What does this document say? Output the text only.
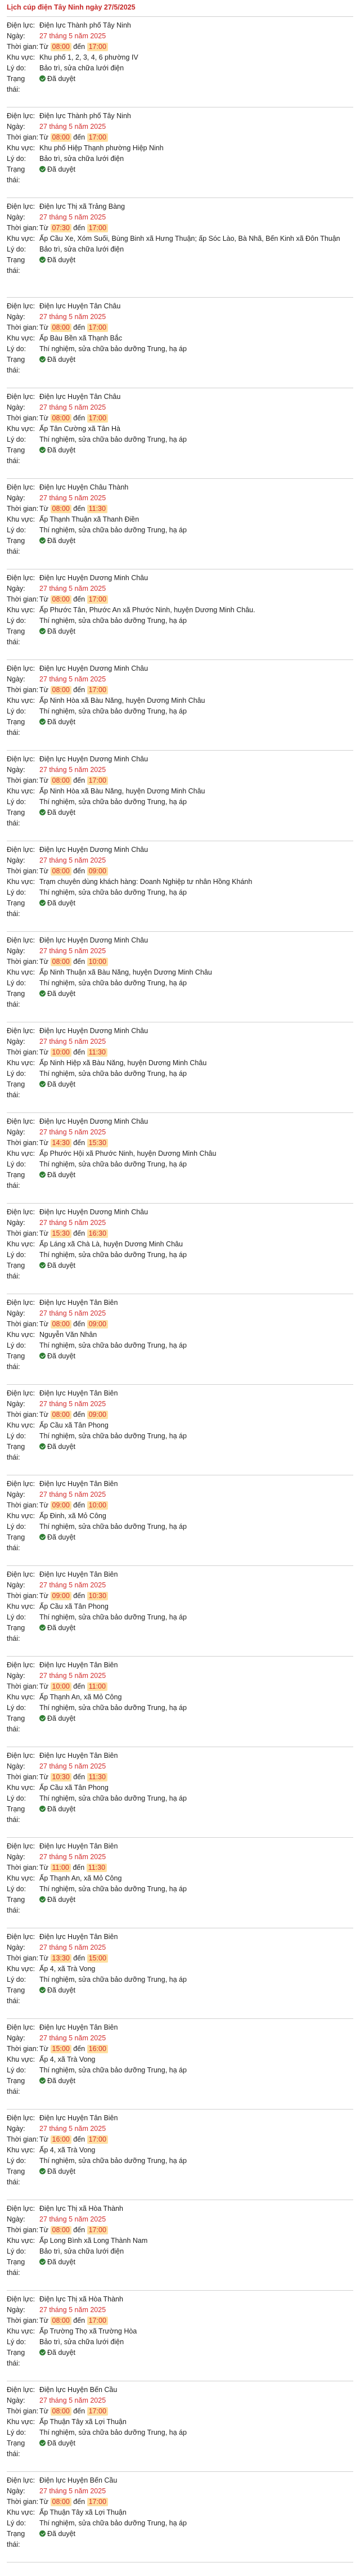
Lịch cúp điện Tây Ninh ngày 27/5/2025
Điện lực: Điện lực Thành phố Tây Ninh
Ngày:	27 tháng 5 năm 2025
Thời gian: Từ 08:00 đến 17:00
Khu vực: Khu phố 1, 2, 3, 4, 6 phường IV
Lý do:	Bảo trì, sửa chữa lưới điện
Trạng thái:
Đã duyệt
Điện lực: Điện lực Thành phố Tây Ninh
Ngày:	27 tháng 5 năm 2025
Thời gian: Từ 08:00 đến 17:00
Khu vực: Khu phố Hiệp Thạnh phường Hiệp Ninh
Lý do:	Bảo trì, sửa chữa lưới điện
Trạng thái:
Đã duyệt
Điện lực: Điện lực Thị xã Trảng Bàng
Ngày:	27 tháng 5 năm 2025
Thời gian: Từ 07:30 đến 17:00
Khu vực: Ấp Cầu Xe, Xóm Suối, Bùng Binh xã Hưng Thuận; ấp Sóc Lào, Bà Nhã, Bến Kinh xã Đôn Thuận
Lý do:	Bảo trì, sửa chữa lưới điện
Trạng thái:
Đã duyệt
Điện lực: Điện lực Huyện Tân Châu
Ngày:	27 tháng 5 năm 2025
Thời gian: Từ 08:00 đến 17:00
Khu vực: Ấp Bàu Bền xã Thạnh Bắc
Lý do:	Thí nghiệm, sửa chữa bảo dưỡng Trung, hạ áp
Trạng thái:
Đã duyệt
Điện lực: Điện lực Huyện Tân Châu
Ngày:	27 tháng 5 năm 2025
Thời gian: Từ 08:00 đến 17:00
Khu vực: Ấp Tân Cường xã Tân Hà
Lý do:	Thí nghiệm, sửa chữa bảo dưỡng Trung, hạ áp
Trạng thái:
Đã duyệt
Điện lực: Điện lực Huyện Châu Thành
Ngày:	27 tháng 5 năm 2025
Thời gian: Từ 08:00 đến 11:30
Khu vực: Ấp Thạnh Thuận xã Thanh Điền
Lý do:	Thí nghiệm, sửa chữa bảo dưỡng Trung, hạ áp
Trạng thái:
Đã duyệt
Điện lực: Điện lực Huyện Dương Minh Châu
Ngày:	27 tháng 5 năm 2025
Thời gian: Từ 08:00 đến 17:00
Khu vực: Ấp Phước Tân, Phước An xã Phước Ninh, huyện Dương Minh Châu.
Lý do:	Thí nghiệm, sửa chữa bảo dưỡng Trung, hạ áp
Trạng thái:
Đã duyệt
Điện lực: Điện lực Huyện Dương Minh Châu
Ngày:	27 tháng 5 năm 2025
Thời gian: Từ 08:00 đến 17:00
Khu vực: Ấp Ninh Hòa xã Bàu Năng, huyện Dương Minh Châu
Lý do:	Thí nghiệm, sửa chữa bảo dưỡng Trung, hạ áp
Trạng thái:
Đã duyệt
Điện lực: Điện lực Huyện Dương Minh Châu
Ngày:	27 tháng 5 năm 2025
Thời gian: Từ 08:00 đến 17:00
Khu vực: Ấp Ninh Hòa xã Bàu Năng, huyện Dương Minh Châu
Lý do:	Thí nghiệm, sửa chữa bảo dưỡng Trung, hạ áp
Trạng thái:
Đã duyệt
Điện lực: Điện lực Huyện Dương Minh Châu
Ngày:	27 tháng 5 năm 2025
Thời gian: Từ 08:00 đến 09:00
Khu vực: Trạm chuyên dùng khách hàng: Doanh Nghiệp tư nhân Hồng Khánh
Lý do:	Thí nghiệm, sửa chữa bảo dưỡng Trung, hạ áp
Trạng thái:
Đã duyệt
Điện lực: Điện lực Huyện Dương Minh Châu
Ngày:	27 tháng 5 năm 2025
Thời gian: Từ 08:00 đến 10:00
Khu vực: Ấp Ninh Thuận xã Bàu Năng, huyện Dương Minh Châu
Lý do:	Thí nghiệm, sửa chữa bảo dưỡng Trung, hạ áp
Trạng thái:
Đã duyệt
Điện lực: Điện lực Huyện Dương Minh Châu
Ngày:	27 tháng 5 năm 2025
Thời gian: Từ 10:00 đến 11:30
Khu vực: Ấp Ninh Hiệp xã Bàu Năng, huyện Dương Minh Châu
Lý do:	Thí nghiệm, sửa chữa bảo dưỡng Trung, hạ áp
Trạng thái:
Đã duyệt
Điện lực: Điện lực Huyện Dương Minh Châu
Ngày:	27 tháng 5 năm 2025
Thời gian: Từ 14:30 đến 15:30
Khu vực: Ấp Phước Hội xã Phước Ninh, huyện Dương Minh Châu
Lý do:	Thí nghiệm, sửa chữa bảo dưỡng Trung, hạ áp
Trạng thái:
Đã duyệt
Điện lực: Điện lực Huyện Dương Minh Châu
Ngày:	27 tháng 5 năm 2025
Thời gian: Từ 15:30 đến 16:30
Khu vực: Ấp Láng xã Chà Là, huyện Dương Minh Châu
Lý do:	Thí nghiệm, sửa chữa bảo dưỡng Trung, hạ áp
Trạng thái:
Đã duyệt
Điện lực: Điện lực Huyện Tân Biên
Ngày:	27 tháng 5 năm 2025
Thời gian: Từ 08:00 đến 09:00
Khu vực: Nguyễn Văn Nhân
Lý do:	Thí nghiệm, sửa chữa bảo dưỡng Trung, hạ áp
Trạng thái:
Đã duyệt
Điện lực: Điện lực Huyện Tân Biên
Ngày:	27 tháng 5 năm 2025
Thời gian: Từ 08:00 đến 09:00
Khu vực: Ấp Cầu xã Tân Phong
Lý do:	Thí nghiệm, sửa chữa bảo dưỡng Trung, hạ áp
Trạng thái:
Đã duyệt
Điện lực: Điện lực Huyện Tân Biên
Ngày:	27 tháng 5 năm 2025
Thời gian: Từ 09:00 đến 10:00
Khu vực: Ấp Đinh, xã Mỏ Công
Lý do:	Thí nghiệm, sửa chữa bảo dưỡng Trung, hạ áp
Trạng thái:
Đã duyệt
Điện lực: Điện lực Huyện Tân Biên
Ngày:	27 tháng 5 năm 2025
Thời gian: Từ 09:00 đến 10:30
Khu vực: Ấp Cầu xã Tân Phong
Lý do:	Thí nghiệm, sửa chữa bảo dưỡng Trung, hạ áp
Trạng thái:
Đã duyệt
Điện lực: Điện lực Huyện Tân Biên
Ngày:	27 tháng 5 năm 2025
Thời gian: Từ 10:00 đến 11:00
Khu vực: Ấp Thạnh An, xã Mỏ Công
Lý do:	Thí nghiệm, sửa chữa bảo dưỡng Trung, hạ áp
Trạng thái:
Đã duyệt
Điện lực: Điện lực Huyện Tân Biên
Ngày:	27 tháng 5 năm 2025
Thời gian: Từ 10:30 đến 11:30
Khu vực: Ấp Cầu xã Tân Phong
Lý do:	Thí nghiệm, sửa chữa bảo dưỡng Trung, hạ áp
Trạng thái:
Đã duyệt
Điện lực: Điện lực Huyện Tân Biên
Ngày:	27 tháng 5 năm 2025
Thời gian: Từ 11:00 đến 11:30
Khu vực: Ấp Thạnh An, xã Mỏ Công
Lý do:	Thí nghiệm, sửa chữa bảo dưỡng Trung, hạ áp
Trạng thái:
Đã duyệt
Điện lực: Điện lực Huyện Tân Biên
Ngày:	27 tháng 5 năm 2025
Thời gian: Từ 13:30 đến 15:00
Khu vực: Ấp 4, xã Trà Vong
Lý do:	Thí nghiệm, sửa chữa bảo dưỡng Trung, hạ áp
Trạng thái:
Đã duyệt
Điện lực: Điện lực Huyện Tân Biên
Ngày:	27 tháng 5 năm 2025
Thời gian: Từ 15:00 đến 16:00
Khu vực: Ấp 4, xã Trà Vong
Lý do:	Thí nghiệm, sửa chữa bảo dưỡng Trung, hạ áp
Trạng thái:
Đã duyệt
Điện lực: Điện lực Huyện Tân Biên
Ngày:	27 tháng 5 năm 2025
Thời gian: Từ 16:00 đến 17:00
Khu vực: Ấp 4, xã Trà Vong
Lý do:	Thí nghiệm, sửa chữa bảo dưỡng Trung, hạ áp
Trạng thái:
Đã duyệt
Điện lực: Điện lực Thị xã Hòa Thành
Ngày:	27 tháng 5 năm 2025
Thời gian: Từ 08:00 đến 17:00
Khu vực: Ấp Long Bình xã Long Thành Nam
Lý do:	Bảo trì, sửa chữa lưới điện
Trạng thái:
Đã duyệt
Điện lực: Điện lực Thị xã Hòa Thành
Ngày:	27 tháng 5 năm 2025
Thời gian: Từ 08:00 đến 17:00
Khu vực: Ấp Trường Thọ xã Trường Hòa
Lý do:	Bảo trì, sửa chữa lưới điện
Trạng thái:
Đã duyệt
Điện lực: Điện lực Huyện Bến Cầu
Ngày:	27 tháng 5 năm 2025
Thời gian: Từ 08:00 đến 17:00
Khu vực: Ấp Thuận Tây xã Lợi Thuận
Lý do:	Thí nghiệm, sửa chữa bảo dưỡng Trung, hạ áp
Trạng thái:
Đã duyệt
Điện lực: Điện lực Huyện Bến Cầu
Ngày:	27 tháng 5 năm 2025
Thời gian: Từ 08:00 đến 17:00
Khu vực: Ấp Thuận Tây xã Lợi Thuận
Lý do:	Thí nghiệm, sửa chữa bảo dưỡng Trung, hạ áp
Trạng thái:
Đã duyệt
